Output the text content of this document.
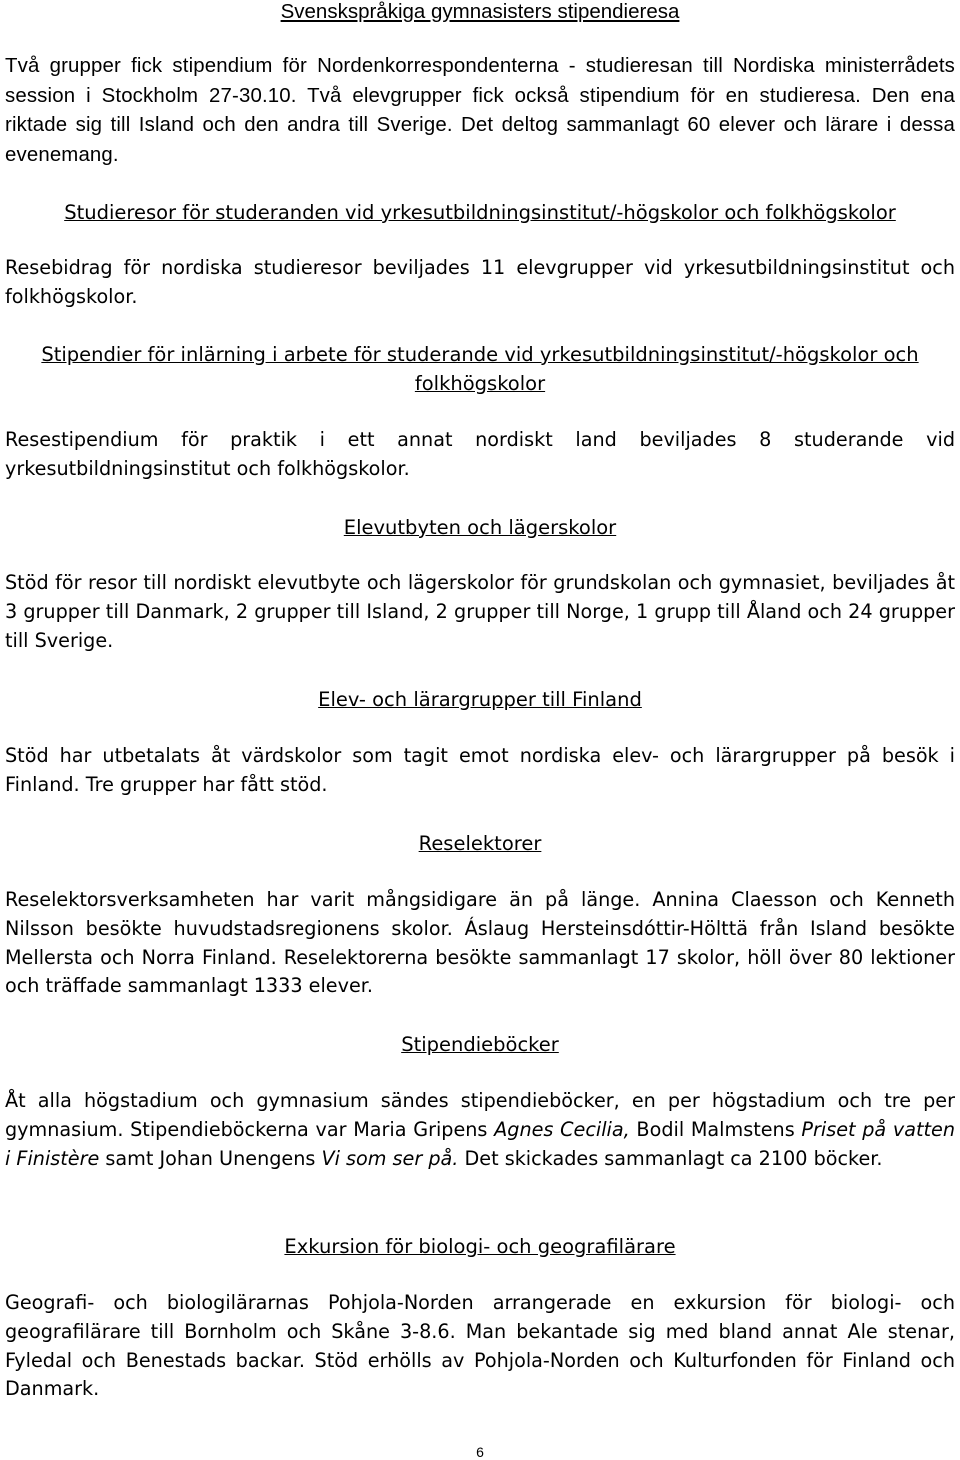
Svenskspråkiga gymnasisters stipendieresa

Två grupper fick stipendium för Nordenkorrespondenterna - studieresan till Nordiska ministerrådets session i Stockholm 27-30.10. Två elevgrupper fick också stipendium för en studieresa. Den ena riktade sig till Island och den andra till Sverige. Det deltog sammanlagt 60 elever och lärare i dessa evenemang.

Studieresor för studeranden vid yrkesutbildningsinstitut/-högskolor och folkhögskolor

Resebidrag för nordiska studieresor beviljades 11 elevgrupper vid yrkesutbildningsinstitut och folkhögskolor.

Stipendier för inlärning i arbete för studerande vid yrkesutbildningsinstitut/-högskolor och folkhögskolor

Resestipendium för praktik i ett annat nordiskt land beviljades 8 studerande vid yrkesutbildningsinstitut och folkhögskolor.

Elevutbyten och lägerskolor

Stöd för resor till nordiskt elevutbyte och lägerskolor för grundskolan och gymnasiet, beviljades åt 3 grupper till Danmark, 2 grupper till Island, 2 grupper till Norge, 1 grupp till Åland och 24 grupper till Sverige.

Elev- och lärargrupper till Finland

Stöd har utbetalats åt värdskolor som tagit emot nordiska elev- och lärargrupper på besök i Finland. Tre grupper har fått stöd.

Reselektorer

Reselektorsverksamheten har varit mångsidigare än på länge. Annina Claesson och Kenneth Nilsson besökte huvudstadsregionens skolor. Áslaug Hersteinsdóttir-Hölttä från Island besökte Mellersta och Norra Finland. Reselektorerna besökte sammanlagt 17 skolor, höll över 80 lektioner och träffade sammanlagt 1333 elever.

Stipendieböcker

Åt alla högstadium och gymnasium sändes stipendieböcker, en per högstadium och tre per gymnasium. Stipendieböckerna var Maria Gripens Agnes Cecilia, Bodil Malmstens Priset på vatten i Finistère samt Johan Unengens Vi som ser på. Det skickades sammanlagt ca 2100 böcker.

Exkursion för biologi- och geografilärare

Geografi- och biologilärarnas Pohjola-Norden arrangerade en exkursion för biologi- och geografilärare till Bornholm och Skåne 3-8.6. Man bekantade sig med bland annat Ale stenar, Fyledal och Benestads backar. Stöd erhölls av Pohjola-Norden och Kulturfonden för Finland och Danmark.

6
